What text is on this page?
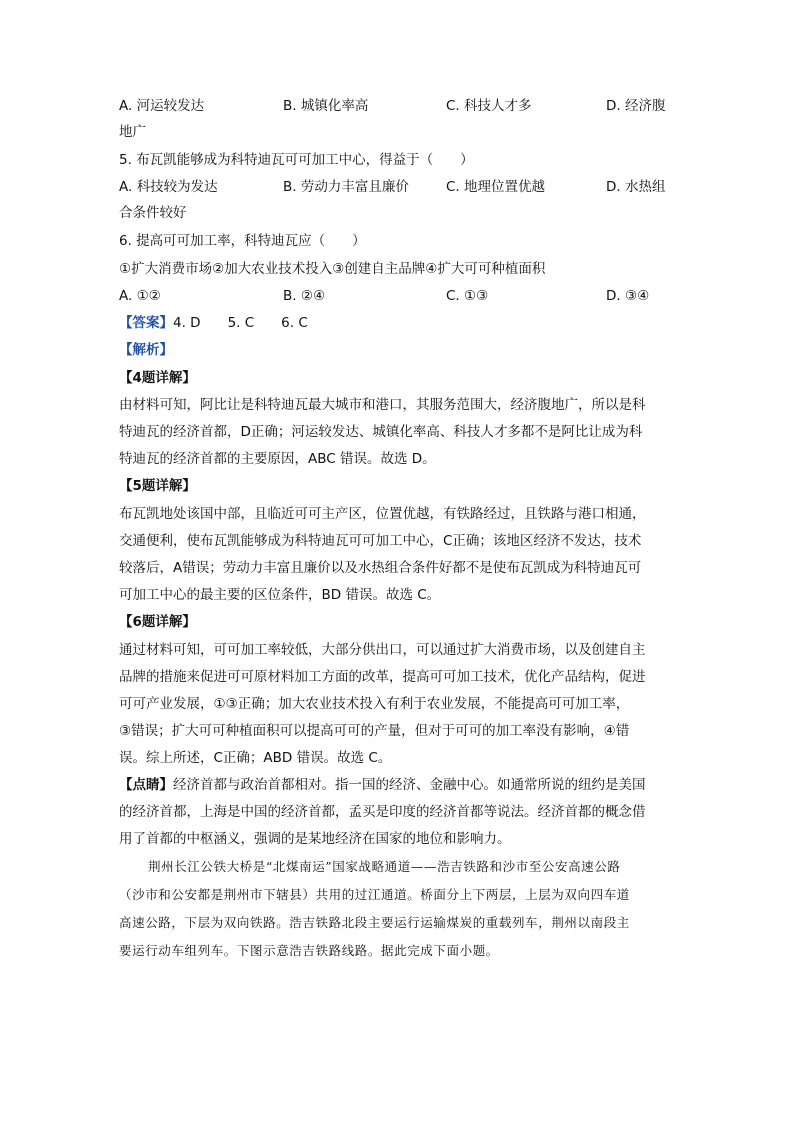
A. 河运较发达	B. 城镇化率高	C. 科技人才多	D. 经济腹
地广
5. 布瓦凯能够成为科特迪瓦可可加工中心，得益于（　　）
A. 科技较为发达	B. 劳动力丰富且廉价	C. 地理位置优越	D. 水热组
合条件较好
6. 提高可可加工率，科特迪瓦应（　　）
①扩大消费市场②加大农业技术投入③创建自主品牌④扩大可可种植面积
A. ①②	B. ②④	C. ①③	D. ③④
【答案】4. D　　5. C　　6. C
【解析】
【4题详解】
由材料可知，阿比让是科特迪瓦最大城市和港口，其服务范围大，经济腹地广，所以是科
特迪瓦的经济首都，D正确；河运较发达、城镇化率高、科技人才多都不是阿比让成为科
特迪瓦的经济首都的主要原因，ABC 错误。故选 D。
【5题详解】
布瓦凯地处该国中部，且临近可可主产区，位置优越，有铁路经过，且铁路与港口相通，
交通便利，使布瓦凯能够成为科特迪瓦可可加工中心，C正确；该地区经济不发达，技术
较落后，A错误；劳动力丰富且廉价以及水热组合条件好都不是使布瓦凯成为科特迪瓦可
可加工中心的最主要的区位条件，BD 错误。故选 C。
【6题详解】
通过材料可知，可可加工率较低，大部分供出口，可以通过扩大消费市场，以及创建自主
品牌的措施来促进可可原材料加工方面的改革，提高可可加工技术，优化产品结构，促进
可可产业发展，①③正确；加大农业技术投入有利于农业发展，不能提高可可加工率，
③错误；扩大可可种植面积可以提高可可的产量，但对于可可的加工率没有影响，④错
误。综上所述，C正确；ABD 错误。故选 C。
【点睛】经济首都与政治首都相对。指一国的经济、金融中心。如通常所说的纽约是美国
的经济首都，上海是中国的经济首都，孟买是印度的经济首都等说法。经济首都的概念借
用了首都的中枢涵义，强调的是某地经济在国家的地位和影响力。
荆州长江公铁大桥是“北煤南运”国家战略通道——浩吉铁路和沙市至公安高速公路
（沙市和公安都是荆州市下辖县）共用的过江通道。桥面分上下两层，上层为双向四车道
高速公路，下层为双向铁路。浩吉铁路北段主要运行运输煤炭的重载列车，荆州以南段主
要运行动车组列车。下图示意浩吉铁路线路。据此完成下面小题。
